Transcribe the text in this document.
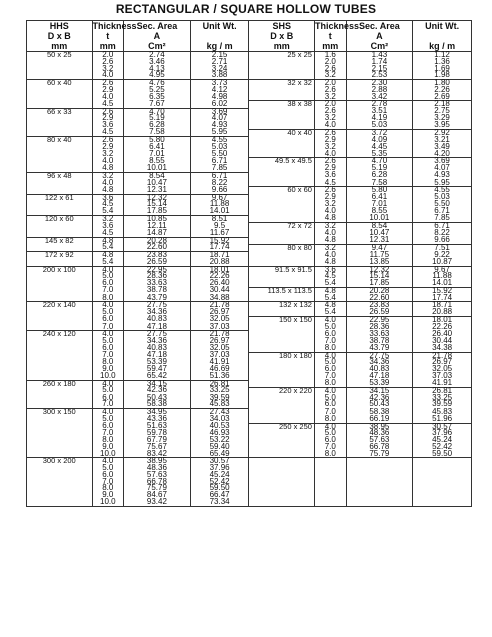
RECTANGULAR / SQUARE HOLLOW TUBES
HHS	Thickness	Sec. Area	Unit Wt.	SHS	Thickness	Sec. Area	Unit Wt.
D x B	t	A		D x B	t	A	
mm	mm	Cm²	kg / m	mm	mm	Cm²	kg / m
50 x 25	2.0	2.74	2.15	25 x 25	1.6	1.43	1.12
	2.6	3.46	2.71		2.0	1.74	1.36
	3.2	4.13	3.24		2.6	2.15	1.69
	4.0	4.95	3.88		3.2	2.53	1.98
60 x 40	2.6	4.76	3.73	32 x 32	2.0	2.30	1.80
	2.9	5.25	4.12		2.6	2.88	2.26
	4.0	6.35	4.98		3.2	3.42	2.69
	4.5	7.67	6.02	38 x 38	2.0	2.78	2.18
66 x 33	2.6	4.70	3.69		2.6	3.51	2.75
	2.9	5.19	4.07		3.2	4.19	3.29
	3.6	6.28	4.93		4.0	5.03	3.95
	4.5	7.58	5.95	40 x 40	2.6	3.72	2.92
80 x 40	2.6	5.80	4.55		2.9	4.09	3.21
	2.9	6.41	5.03		3.2	4.45	3.49
	3.2	7.01	5.50		4.0	5.35	4.20
	4.0	8.55	6.71	49.5 x 49.5	2.6	4.70	3.69
	4.8	10.01	7.85		2.9	5.19	4.07
96 x 48	3.2	8.54	6.71		3.6	6.28	4.93
	4.0	10.47	8.22		4.5	7.58	5.95
	4.8	12.31	9.66	60 x 60	2.6	5.80	4.55
122 x 61	3.6	12.32	9.67		2.9	6.41	5.03
	4.5	15.14	11.88		3.2	7.01	5.50
	5.4	17.85	14.01		4.0	8.55	6.71
120 x 60	3.2	10.85	8.51		4.8	10.01	7.85
	3.6	12.11	9.5	72 x 72	3.2	8.54	6.71
	4.5	14.87	11.67		4.0	10.47	8.22
145 x 82	4.8	20.28	15.92		4.8	12.31	9.66
	5.4	22.60	17.74	80 x 80	3.2	9.47	7.51
172 x 92	4.8	23.83	18.71		4.0	11.75	9.22
	5.4	26.59	20.88		4.8	13.85	10.87
200 x 100	4.0	22.95	18.01	91.5 x 91.5	3.6	12.32	9.67
	5.0	28.36	22.26		4.5	15.14	11.88
	6.0	33.63	26.40		5.4	17.85	14.01
	7.0	38.78	30.44	113.5 x 113.5	4.8	20.28	15.92
	8.0	43.79	34.88		5.4	22.60	17.74
220 x 140	4.0	27.75	21.78	132 x 132	4.8	23.83	18.71
	5.0	34.36	26.97		5.4	26.59	20.88
	6.0	40.83	32.05	150 x 150	4.0	22.95	18.01
	7.0	47.18	37.03		5.0	28.36	22.26
240 x 120	4.0	27.75	21.78		6.0	33.63	26.40
	5.0	34.36	26.97		7.0	38.78	30.44
	6.0	40.83	32.05		8.0	43.79	34.38
	7.0	47.18	37.03	180 x 180	4.0	27.75	21.78
	8.0	53.39	41.91		5.0	34.36	26.97
	9.0	59.47	46.69		6.0	40.83	32.05
	10.0	65.42	51.36		7.0	47.18	37.03
260 x 180	4.0	34.15	26.81		8.0	53.39	41.91
	5.0	42.36	33.25	220 x 220	4.0	34.15	26.81
	6.0	50.43	39.59		5.0	42.36	33.25
	7.0	58.38	45.83		6.0	50.43	39.59
300 x 150	4.0	34.95	27.43		7.0	58.38	45.83
	5.0	43.36	34.03		8.0	66.19	51.96
	6.0	51.63	40.53	250 x 250	4.0	38.95	30.57
	7.0	59.78	46.93		5.0	48.36	37.96
	8.0	67.79	53.22		6.0	57.63	45.24
	9.0	75.67	59.40		7.0	66.78	52.42
	10.0	83.42	65.49		8.0	75.79	59.50
300 x 200	4.0	38.95	30.57				
	5.0	48.36	37.96				
	6.0	57.63	45.24				
	7.0	66.78	52.42				
	8.0	75.79	59.50				
	9.0	84.67	66.47				
	10.0	93.42	73.34				
